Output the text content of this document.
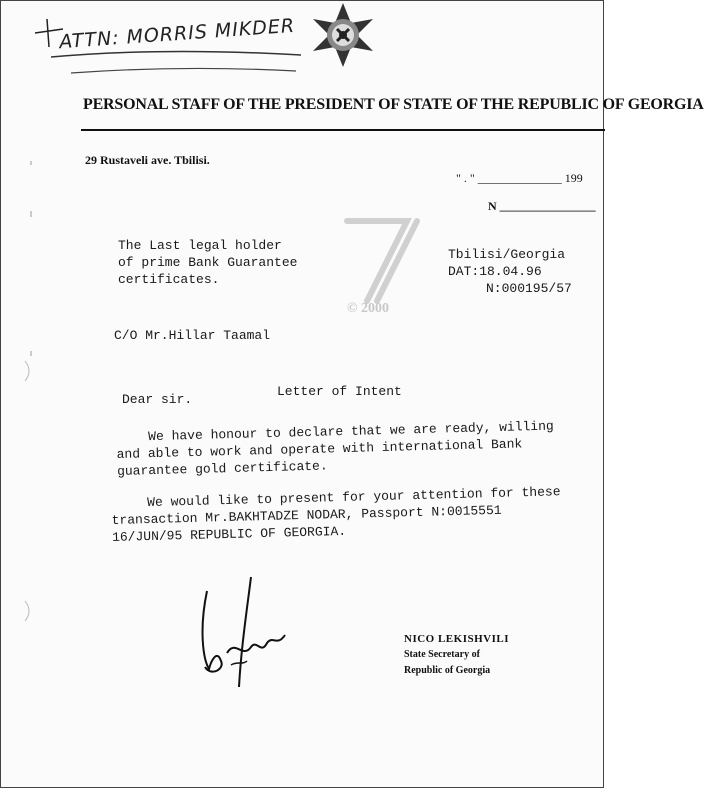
ATTN: MORRIS MIKDER
PERSONAL STAFF OF THE PRESIDENT OF STATE OF THE REPUBLIC OF GEORGIA
29 Rustaveli ave. Tbilisi.
" . " ______________ 199
N ________________
The Last legal holder
of prime Bank Guarantee
certificates.
Tbilisi/Georgia
DAT:18.04.96
N:000195/57
© 2000
C/O Mr.Hillar Taamal
Letter of Intent
Dear sir.
We have honour to declare that we are ready, willing
and able to work and operate with international Bank
guarantee gold certificate.
We would like to present for your attention for these
transaction Mr.BAKHTADZE NODAR, Passport N:0015551
16/JUN/95 REPUBLIC OF GEORGIA.
NICO LEKISHVILI
State Secretary of
Republic of Georgia
